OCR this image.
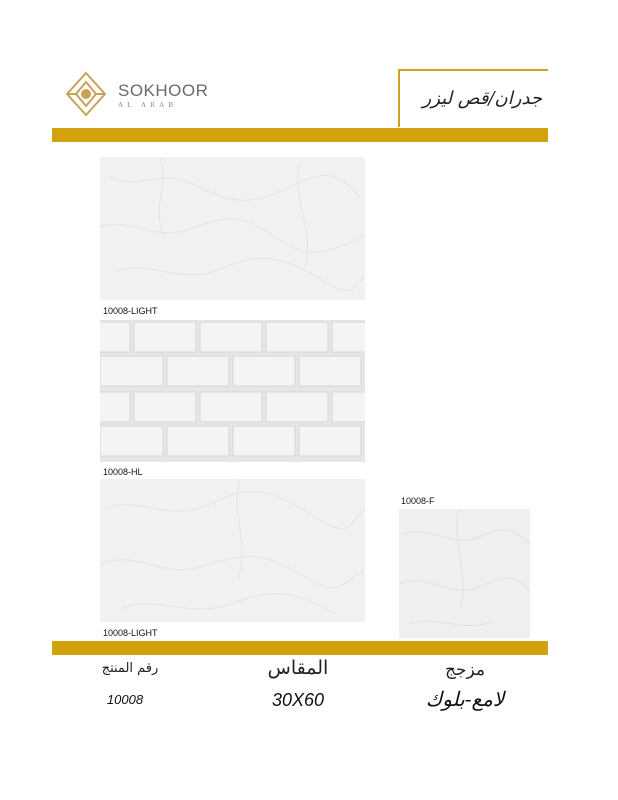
SOKHOOR
AL ARAB	جدران/قص ليزر
10008-LIGHT
10008-HL
10008-LIGHT
10008-F
رقم المنتج	المقاس	مزجج
10008	30X60	لامع-بلوك
